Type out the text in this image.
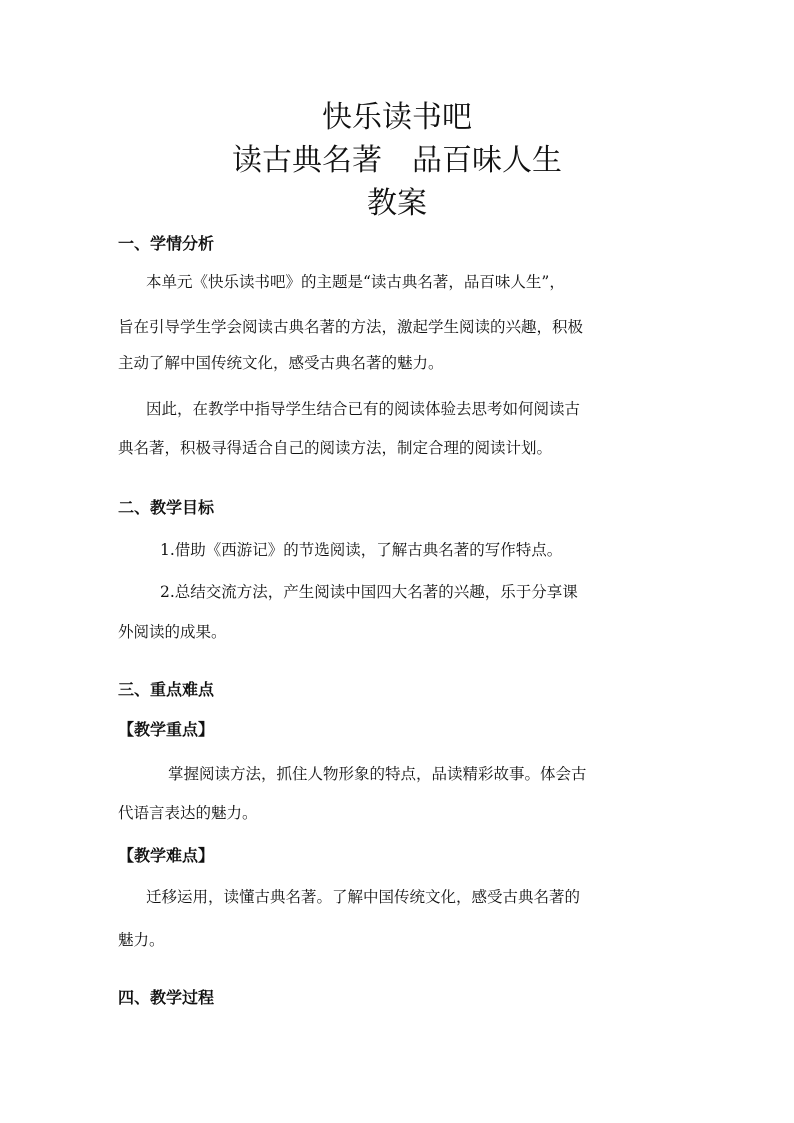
快乐读书吧
读古典名著　品百味人生
教案
一、学情分析
本单元《快乐读书吧》的主题是“读古典名著，品百味人生”，
旨在引导学生学会阅读古典名著的方法，激起学生阅读的兴趣，积极
主动了解中国传统文化，感受古典名著的魅力。
因此，在教学中指导学生结合已有的阅读体验去思考如何阅读古
典名著，积极寻得适合自己的阅读方法，制定合理的阅读计划。
二、教学目标
1.借助《西游记》的节选阅读，了解古典名著的写作特点。
2.总结交流方法，产生阅读中国四大名著的兴趣，乐于分享课
外阅读的成果。
三、重点难点
【教学重点】
掌握阅读方法，抓住人物形象的特点，品读精彩故事。体会古
代语言表达的魅力。
【教学难点】
迁移运用，读懂古典名著。了解中国传统文化，感受古典名著的
魅力。
四、教学过程
